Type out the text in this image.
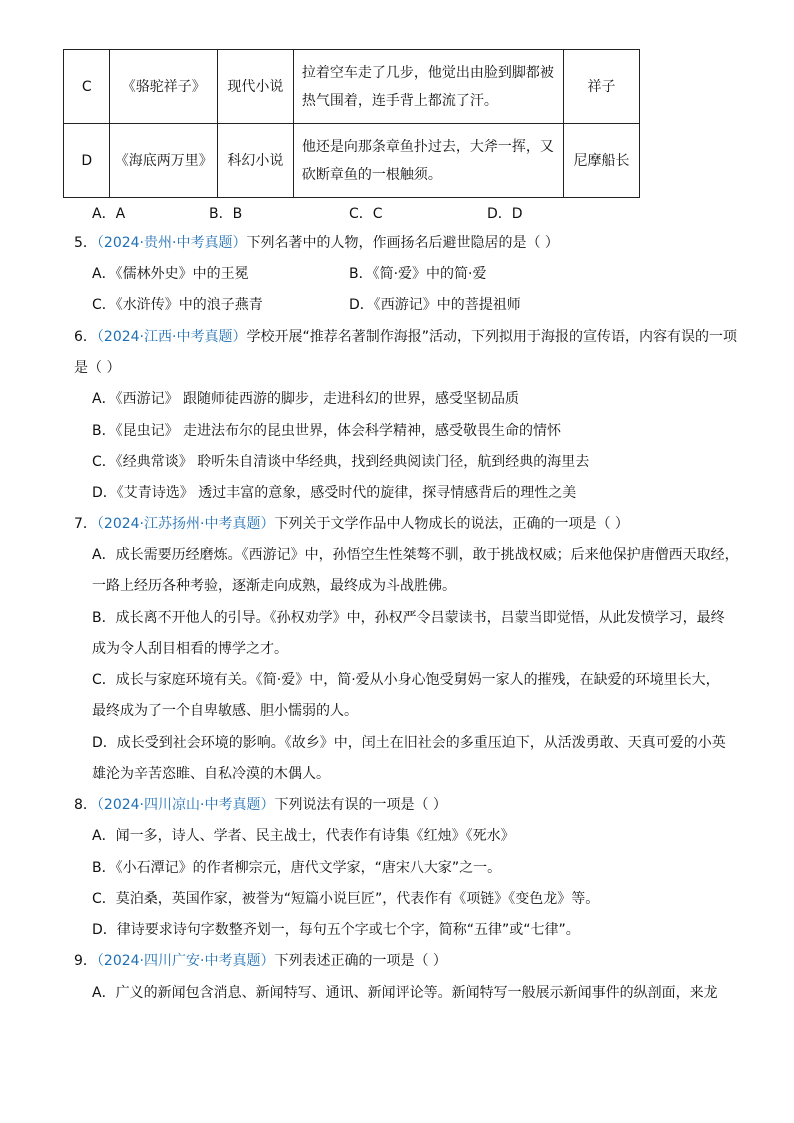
C	《骆驼祥子》	现代小说	拉着空车走了几步，他觉出由脸到脚都被热气围着，连手背上都流了汗。	祥子
D	《海底两万里》	科幻小说	他还是向那条章鱼扑过去，大斧一挥，又砍断章鱼的一根触须。	尼摩船长
A．A	B．B	C．C	D．D
5．（2024·贵州·中考真题）下列名著中的人物，作画扬名后避世隐居的是（ ）
A．《儒林外史》中的王冕	B．《简·爱》中的简·爱
C．《水浒传》中的浪子燕青	D．《西游记》中的菩提祖师
6．（2024·江西·中考真题）学校开展“推荐名著制作海报”活动，下列拟用于海报的宣传语，内容有误的一项
是（ ）
A．《西游记》 跟随师徒西游的脚步，走进科幻的世界，感受坚韧品质
B．《昆虫记》 走进法布尔的昆虫世界，体会科学精神，感受敬畏生命的情怀
C．《经典常谈》 聆听朱自清谈中华经典，找到经典阅读门径，航到经典的海里去
D．《艾青诗选》 透过丰富的意象，感受时代的旋律，探寻情感背后的理性之美
7．（2024·江苏扬州·中考真题）下列关于文学作品中人物成长的说法，正确的一项是（ ）
A．成长需要历经磨炼。《西游记》中，孙悟空生性桀骜不驯，敢于挑战权威；后来他保护唐僧西天取经，
一路上经历各种考验，逐渐走向成熟，最终成为斗战胜佛。
B．成长离不开他人的引导。《孙权劝学》中，孙权严令吕蒙读书，吕蒙当即觉悟，从此发愤学习，最终
成为令人刮目相看的博学之才。
C．成长与家庭环境有关。《简·爱》中，简·爱从小身心饱受舅妈一家人的摧残，在缺爱的环境里长大，
最终成为了一个自卑敏感、胆小懦弱的人。
D．成长受到社会环境的影响。《故乡》中，闰土在旧社会的多重压迫下，从活泼勇敢、天真可爱的小英
雄沦为辛苦恣睢、自私冷漠的木偶人。
8．（2024·四川凉山·中考真题）下列说法有误的一项是（ ）
A．闻一多，诗人、学者、民主战士，代表作有诗集《红烛》《死水》
B．《小石潭记》的作者柳宗元，唐代文学家，“唐宋八大家”之一。
C．莫泊桑，英国作家，被誉为“短篇小说巨匠”，代表作有《项链》《变色龙》等。
D．律诗要求诗句字数整齐划一，每句五个字或七个字，简称“五律”或“七律”。
9．（2024·四川广安·中考真题）下列表述正确的一项是（ ）
A．广义的新闻包含消息、新闻特写、通讯、新闻评论等。新闻特写一般展示新闻事件的纵剖面，来龙
